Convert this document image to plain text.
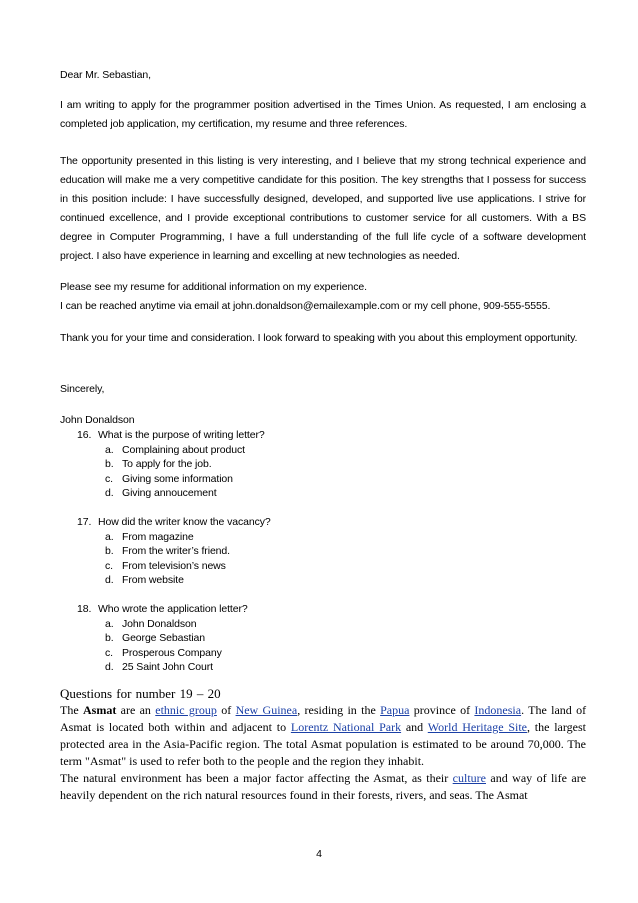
Dear Mr. Sebastian,

I am writing to apply for the programmer position advertised in the Times Union. As requested, I am enclosing a completed job application, my certification, my resume and three references.

The opportunity presented in this listing is very interesting, and I believe that my strong technical experience and education will make me a very competitive candidate for this position. The key strengths that I possess for success in this position include: I have successfully designed, developed, and supported live use applications. I strive for continued excellence, and I provide exceptional contributions to customer service for all customers. With a BS degree in Computer Programming, I have a full understanding of the full life cycle of a software development project. I also have experience in learning and excelling at new technologies as needed.

Please see my resume for additional information on my experience.
I can be reached anytime via email at john.donaldson@emailexample.com or my cell phone, 909-555-5555.

Thank you for your time and consideration. I look forward to speaking with you about this employment opportunity.

Sincerely,

John Donaldson

16. What is the purpose of writing letter?
a. Complaining about product
b. To apply for the job.
c. Giving some information
d. Giving annoucement
17. How did the writer know the vacancy?
a. From magazine
b. From the writer’s friend.
c. From television’s news
d. From website
18. Who wrote the application letter?
a. John Donaldson
b. George Sebastian
c. Prosperous Company
d. 25 Saint John Court
Questions for number 19 – 20

The Asmat are an ethnic group of New Guinea, residing in the Papua province of Indonesia. The land of Asmat is located both within and adjacent to Lorentz National Park and World Heritage Site, the largest protected area in the Asia-Pacific region. The total Asmat population is estimated to be around 70,000. The term "Asmat" is used to refer both to the people and the region they inhabit.

The natural environment has been a major factor affecting the Asmat, as their culture and way of life are heavily dependent on the rich natural resources found in their forests, rivers, and seas. The Asmat

4
